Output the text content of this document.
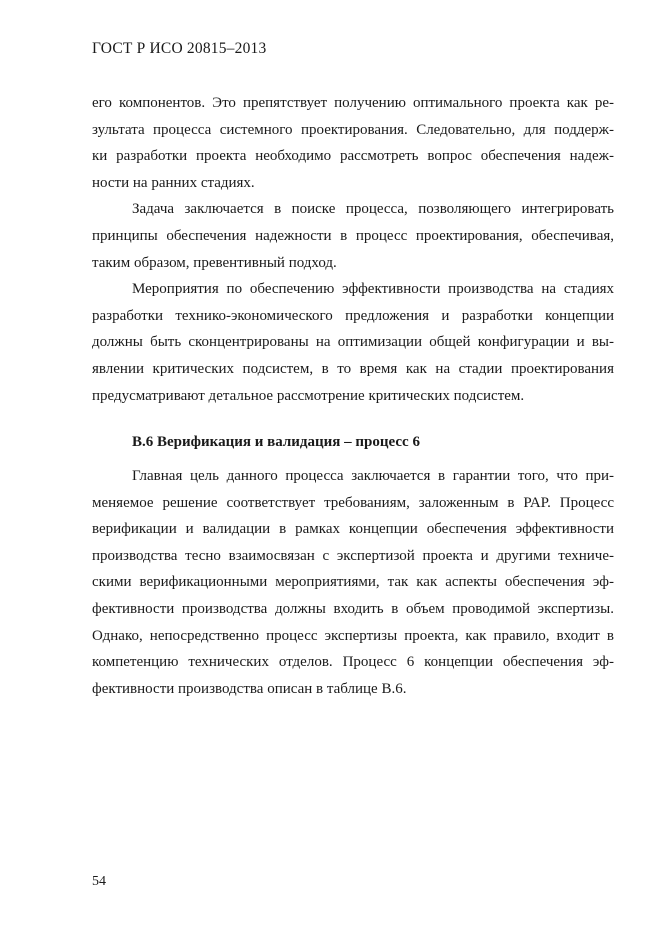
ГОСТ Р ИСО 20815–2013
его компонентов. Это препятствует получению оптимального проекта как ре-
зультата процесса системного проектирования. Следовательно, для поддерж-
ки разработки проекта необходимо рассмотреть вопрос обеспечения надеж-
ности на ранних стадиях.
Задача заключается в поиске процесса, позволяющего интегрировать
принципы обеспечения надежности в процесс проектирования, обеспечивая,
таким образом, превентивный подход.
Мероприятия по обеспечению эффективности производства на стадиях
разработки технико-экономического предложения и разработки концепции
должны быть сконцентрированы на оптимизации общей конфигурации и вы-
явлении критических подсистем, в то время как на стадии проектирования
предусматривают детальное рассмотрение критических подсистем.
В.6 Верификация и валидация – процесс 6
Главная цель данного процесса заключается в гарантии того, что при-
меняемое решение соответствует требованиям, заложенным в РАР. Процесс
верификации и валидации в рамках концепции обеспечения эффективности
производства тесно взаимосвязан с экспертизой проекта и другими техниче-
скими верификационными мероприятиями, так как аспекты обеспечения эф-
фективности производства должны входить в объем проводимой экспертизы.
Однако, непосредственно процесс экспертизы проекта, как правило, входит в
компетенцию технических отделов. Процесс 6 концепции обеспечения эф-
фективности производства описан в таблице В.6.
54
